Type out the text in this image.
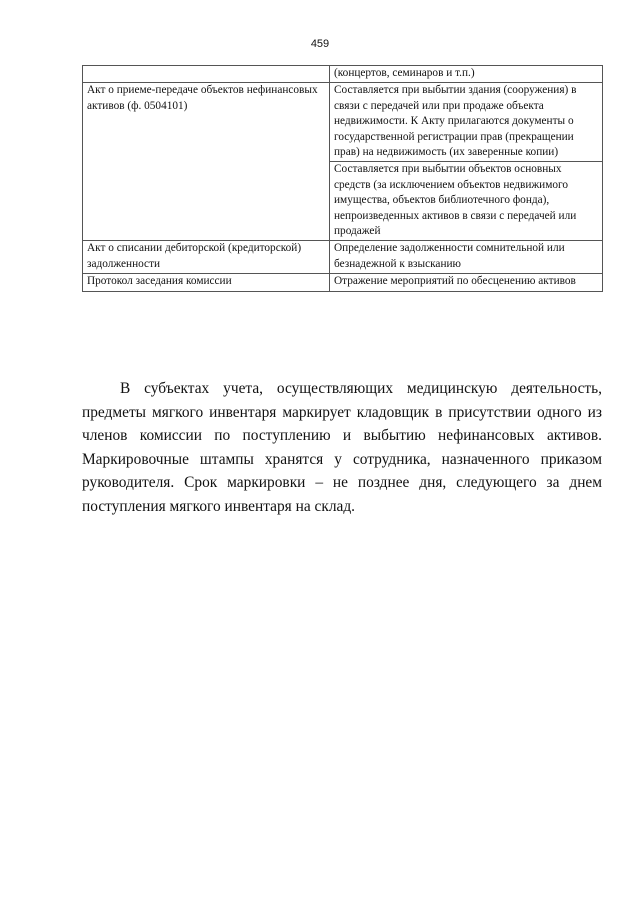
459
	(концертов, семинаров и т.п.)
Акт о приеме-передаче объектов нефинансовых активов (ф. 0504101)	Составляется при выбытии здания (сооружения) в связи с передачей или при продаже объекта недвижимости. К Акту прилагаются документы о государственной регистрации прав (прекращении прав) на недвижимость (их заверенные копии)
	Составляется при выбытии объектов основных средств (за исключением объектов недвижимого имущества, объектов библиотечного фонда), непроизведенных активов в связи с передачей или продажей
Акт о списании дебиторской (кредиторской) задолженности	Определение задолженности сомнительной или безнадежной к взысканию
Протокол заседания комиссии	Отражение мероприятий по обесценению активов

В субъектах учета, осуществляющих медицинскую деятельность, предметы мягкого инвентаря маркирует кладовщик в присутствии одного из членов комиссии по поступлению и выбытию нефинансовых активов. Маркировочные штампы хранятся у сотрудника, назначенного приказом руководителя. Срок маркировки – не позднее дня, следующего за днем поступления мягкого инвентаря на склад.
